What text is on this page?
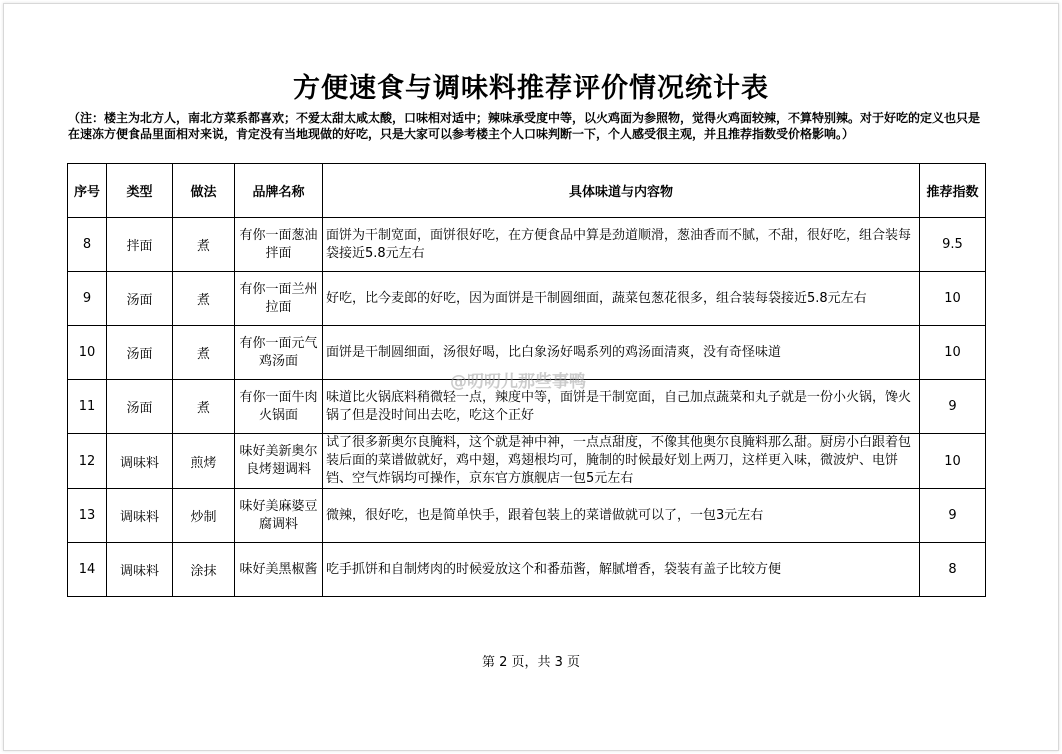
方便速食与调味料推荐评价情况统计表
（注：楼主为北方人，南北方菜系都喜欢；不爱太甜太咸太酸，口味相对适中；辣味承受度中等，以火鸡面为参照物，觉得火鸡面较辣，不算特别辣。对于好吃的定义也只是在速冻方便食品里面相对来说，肯定没有当地现做的好吃，只是大家可以参考楼主个人口味判断一下，个人感受很主观，并且推荐指数受价格影响。）
序号	类型	做法	品牌名称	具体味道与内容物	推荐指数
8	拌面	煮	有你一面葱油拌面	面饼为干制宽面，面饼很好吃，在方便食品中算是劲道顺滑，葱油香而不腻，不甜，很好吃，组合装每袋接近5.8元左右	9.5
9	汤面	煮	有你一面兰州拉面	好吃，比今麦郎的好吃，因为面饼是干制圆细面，蔬菜包葱花很多，组合装每袋接近5.8元左右	10
10	汤面	煮	有你一面元气鸡汤面	面饼是干制圆细面，汤很好喝，比白象汤好喝系列的鸡汤面清爽，没有奇怪味道	10
11	汤面	煮	有你一面牛肉火锅面	味道比火锅底料稍微轻一点，辣度中等，面饼是干制宽面，自己加点蔬菜和丸子就是一份小火锅，馋火锅了但是没时间出去吃，吃这个正好	9
12	调味料	煎烤	味好美新奥尔良烤翅调料	试了很多新奥尔良腌料，这个就是神中神，一点点甜度，不像其他奥尔良腌料那么甜。厨房小白跟着包装后面的菜谱做就好，鸡中翅，鸡翅根均可，腌制的时候最好划上两刀，这样更入味，微波炉、电饼铛、空气炸锅均可操作，京东官方旗舰店一包5元左右	10
13	调味料	炒制	味好美麻婆豆腐调料	微辣，很好吃，也是简单快手，跟着包装上的菜谱做就可以了，一包3元左右	9
14	调味料	涂抹	味好美黑椒酱	吃手抓饼和自制烤肉的时候爱放这个和番茄酱，解腻增香，袋装有盖子比较方便	8
@叨叨儿那些事鸭
第 2 页，共 3 页
